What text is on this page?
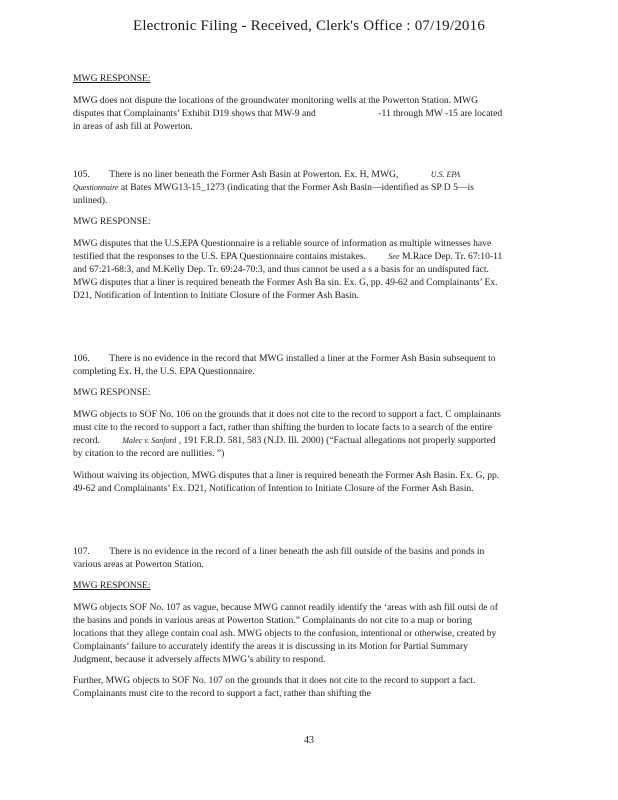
Electronic Filing - Received, Clerk's Office : 07/19/2016

MWG RESPONSE:

MWG does not dispute the locations of the groundwater monitoring wells at the Powerton Station. MWG disputes that Complainants’ Exhibit D19 shows that MW-9 and	-11 through MW -15 are located in areas of ash fill at Powerton.

105. There is no liner beneath the Former Ash Basin at Powerton. Ex. H, MWG,	U.S. EPA Questionnaire at Bates MWG13-15_1273 (indicating that the Former Ash Basin—identified as SP D 5—is unlined).

MWG RESPONSE:

MWG disputes that the U.S.EPA Questionnaire is a reliable source of information as multiple witnesses have testified that the responses to the U.S. EPA Questionnaire contains mistakes.	See M.Race Dep. Tr. 67:10-11 and 67:21-68:3, and M.Kelly Dep. Tr. 69:24-70:3, and thus cannot be used a s a basis for an undisputed fact. MWG disputes that a liner is required beneath the Former Ash Ba sin. Ex. G, pp. 49-62 and Complainants’ Ex. D21, Notification of Intention to Initiate Closure of the Former Ash Basin.

106. There is no evidence in the record that MWG installed a liner at the Former Ash Basin subsequent to completing Ex. H, the U.S. EPA Questionnaire.

MWG RESPONSE:

MWG objects to SOF No. 106 on the grounds that it does not cite to the record to support a fact. C omplainants must cite to the record to support a fact, rather than shifting the burden to locate facts to a search of the entire record.	Malec v. Sanford , 191 F.R.D. 581, 583 (N.D. Ill. 2000) (“Factual allegations not properly supported by citation to the record are nullities. ”)

Without waiving its objection, MWG disputes that a liner is required beneath the Former Ash Basin. Ex. G, pp. 49-62 and Complainants’ Ex. D21, Notification of Intention to Initiate Closure of the Former Ash Basin.

107. There is no evidence in the record of a liner beneath the ash fill outside of the basins and ponds in various areas at Powerton Station.

MWG RESPONSE:

MWG objects SOF No. 107 as vague, because MWG cannot readily identify the ‘areas with ash fill outsi de of the basins and ponds in various areas at Powerton Station.” Complainants do not cite to a map or boring locations that they allege contain coal ash. MWG objects to the confusion, intentional or otherwise, created by Complainants’ failure to accurately identify the areas it is discussing in its Motion for Partial Summary Judgment, because it adversely affects MWG’s ability to respond.

Further, MWG objects to SOF No. 107 on the grounds that it does not cite to the record to support a fact. Complainants must cite to the record to support a fact, rather than shifting the

43
